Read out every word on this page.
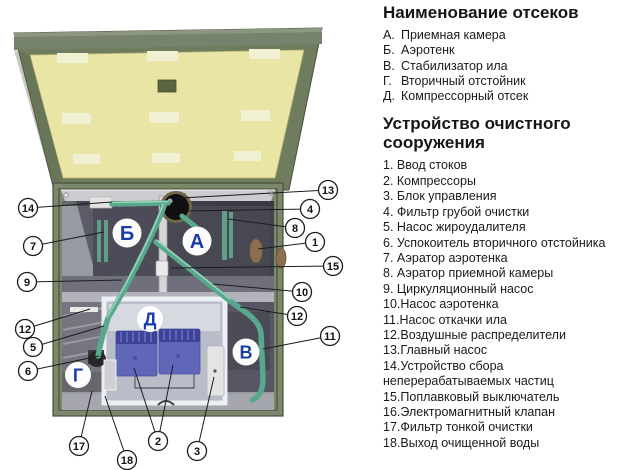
Б	А
Д
В
Г
14
7
9
12
5
6
17
18
2
3
13
4
8
1
15
10
12
11
Наименование отсеков
А. Приемная камера
Б. Аэротенк
В. Стабилизатор ила
Г. Вторичный отстойник
Д. Компрессорный отсек
Устройство очистного сооружения
1. Ввод стоков
2. Компрессоры
3. Блок управления
4. Фильтр грубой очистки
5. Насос жироудалителя
6. Успокоитель вторичного отстойника
7. Аэратор аэротенка
8. Аэратор приемной камеры
9. Циркуляционный насос
10.Насос аэротенка
11.Насос откачки ила
12.Воздушные распределители
13.Главный насос
14.Устройство сбора неперерабатываемых частиц
15.Поплавковый выключатель
16.Электромагнитный клапан
17.Фильтр тонкой очистки
18.Выход очищенной воды
